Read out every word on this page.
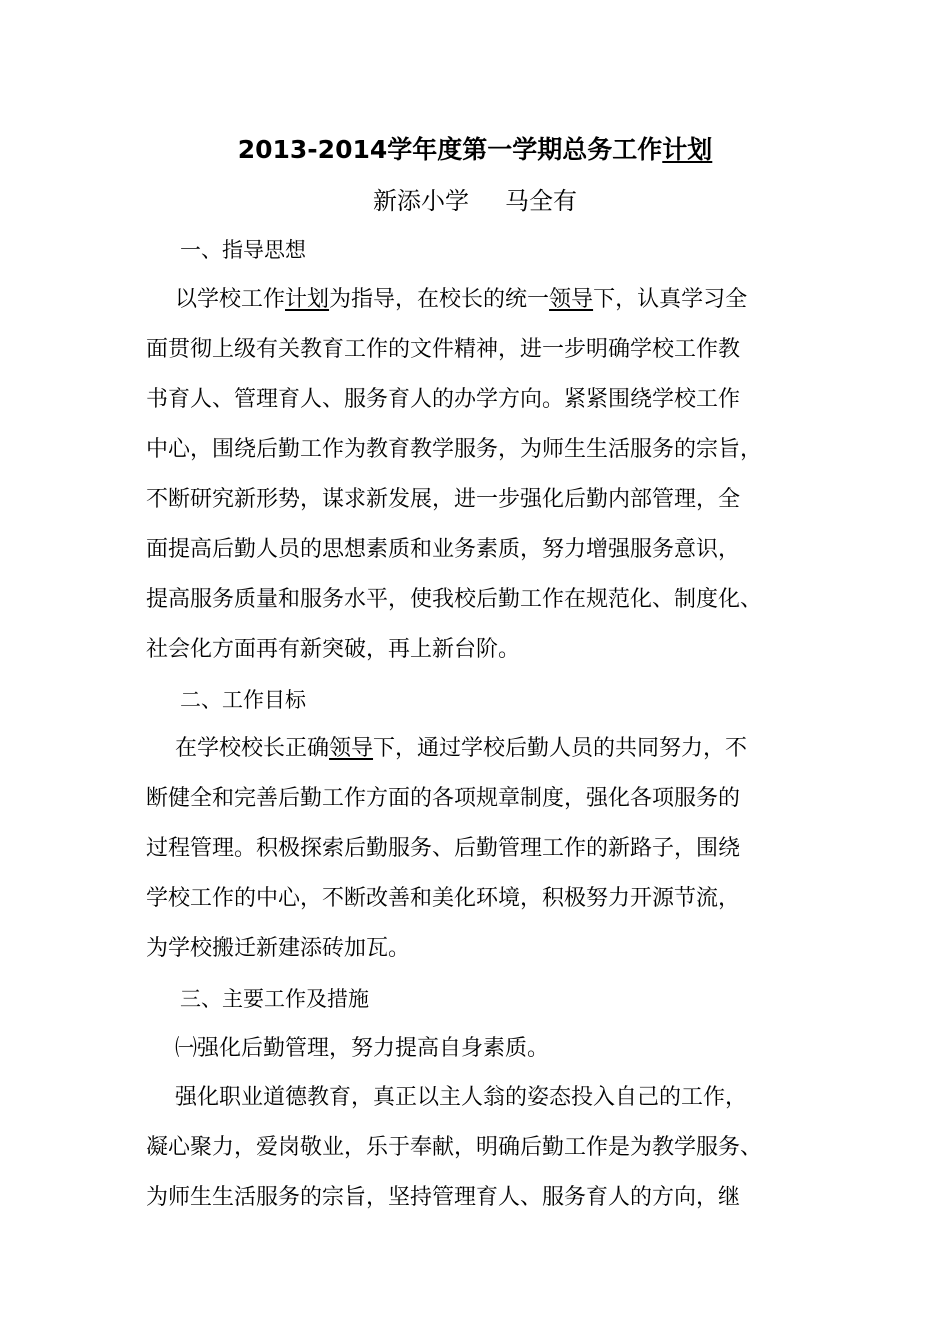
2013-2014学年度第一学期总务工作计划
新添小学 马全有
一、指导思想
以学校工作计划为指导，在校长的统一领导下，认真学习全
面贯彻上级有关教育工作的文件精神，进一步明确学校工作教
书育人、管理育人、服务育人的办学方向。紧紧围绕学校工作
中心，围绕后勤工作为教育教学服务，为师生生活服务的宗旨，
不断研究新形势，谋求新发展，进一步强化后勤内部管理，全
面提高后勤人员的思想素质和业务素质，努力增强服务意识，
提高服务质量和服务水平，使我校后勤工作在规范化、制度化、
社会化方面再有新突破，再上新台阶。
二、工作目标
在学校校长正确领导下，通过学校后勤人员的共同努力，不
断健全和完善后勤工作方面的各项规章制度，强化各项服务的
过程管理。积极探索后勤服务、后勤管理工作的新路子，围绕
学校工作的中心，不断改善和美化环境，积极努力开源节流，
为学校搬迁新建添砖加瓦。
三、主要工作及措施
㈠强化后勤管理，努力提高自身素质。
强化职业道德教育，真正以主人翁的姿态投入自己的工作，
凝心聚力，爱岗敬业，乐于奉献，明确后勤工作是为教学服务、
为师生生活服务的宗旨，坚持管理育人、服务育人的方向，继
